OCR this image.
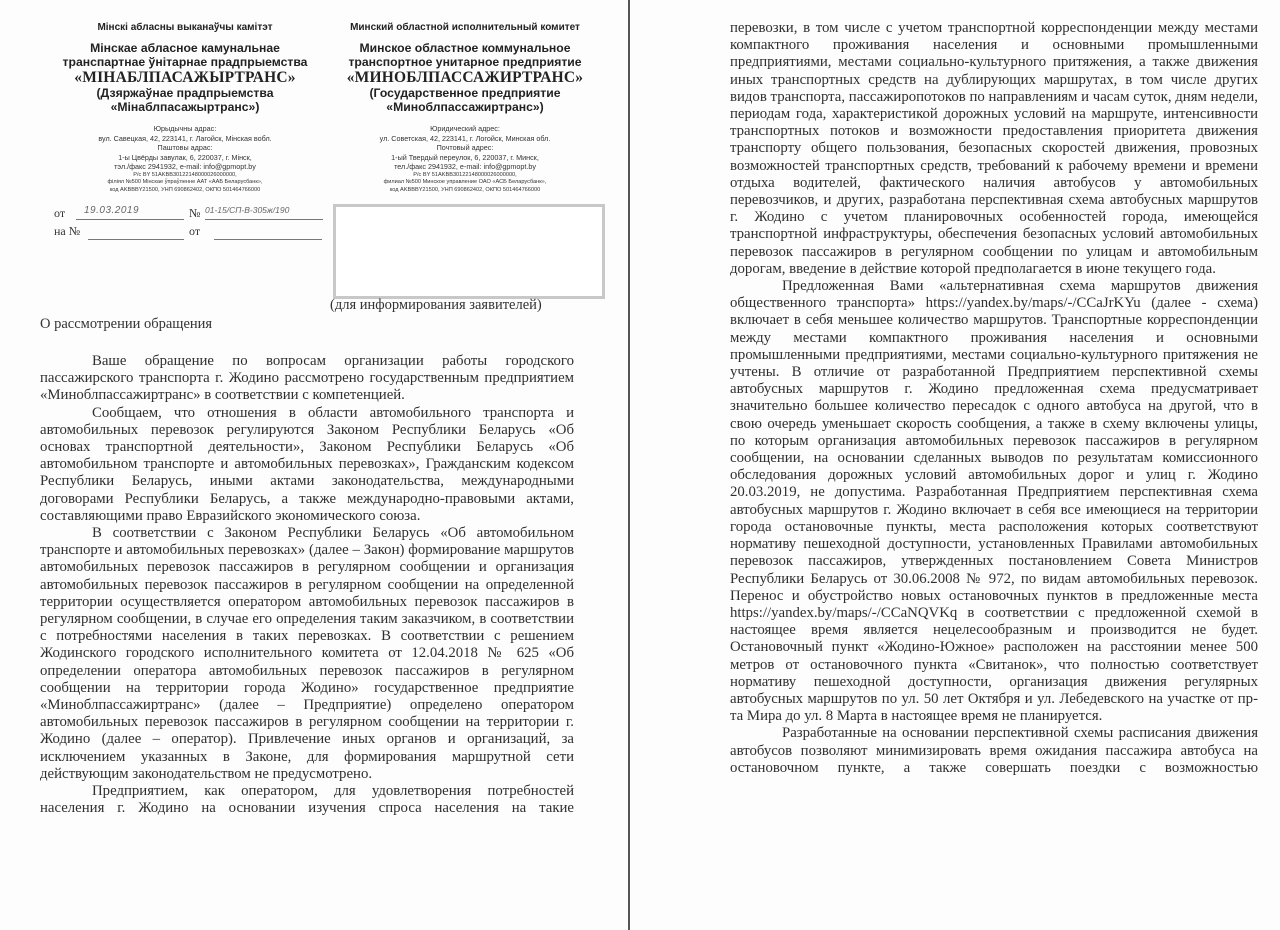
Мінскі абласны выканаўчы камітэт
Мінскае абласное камунальнае
транспартнае ўнітарнае прадпрыемства
«МІНАБЛПАСАЖЫРТРАНС»
(Дзяржаўнае прадпрыемства
«Мінаблпасажыртранс»)
Юрыдычны адрас:
вул. Савецкая, 42, 223141, г. Лагойск, Мінская вобл.
Паштовы адрас:
1-ы Цвёрды завулак, 6, 220037, г. Мінск,
тэл./факс 2941932, e-mail: info@gpmopt.by
Р/с BY 51AKBB30122148000026000000,
філіял №500 Мінскае ўпраўленне ААТ «ААБ Беларусбанк»,
код AKBBBY21500, УНП 690862402, ОКПО 501464766000
Минский областной исполнительный комитет
Минское областное коммунальное
транспортное унитарное предприятие
«МИНОБЛПАССАЖИРТРАНС»
(Государственное предприятие
«Миноблпассажиртранс»)
Юридический адрес:
ул. Советская, 42, 223141, г. Логойск, Минская обл.
Почтовый адрес:
1-ый Твердый переулок, 6, 220037, г. Минск,
тел./факс 2941932, e-mail: info@gpmopt.by
Р/с BY 51AKBB30122148000026000000,
филиал №500 Минское управление ОАО «АСБ Беларусбанк»,
код AKBBBY21500, УНП 690862402, ОКПО 501464766000
от 19.03.2019	№ 01-15/СП-В-305ж/190
на №	от
(для информирования заявителей)
О рассмотрении обращения

Ваше обращение по вопросам организации работы городского пассажирского транспорта г. Жодино рассмотрено государственным предприятием «Миноблпассажиртранс» в соответствии с компетенцией.

Сообщаем, что отношения в области автомобильного транспорта и автомобильных перевозок регулируются Законом Республики Беларусь «Об основах транспортной деятельности», Законом Республики Беларусь «Об автомобильном транспорте и автомобильных перевозках», Гражданским кодексом Республики Беларусь, иными актами законодательства, международными договорами Республики Беларусь, а также международно-правовыми актами, составляющими право Евразийского экономического союза.

В соответствии с Законом Республики Беларусь «Об автомобильном транспорте и автомобильных перевозках» (далее – Закон) формирование маршрутов автомобильных перевозок пассажиров в регулярном сообщении и организация автомобильных перевозок пассажиров в регулярном сообщении на определенной территории осуществляется оператором автомобильных перевозок пассажиров в регулярном сообщении, в случае его определения таким заказчиком, в соответствии с потребностями населения в таких перевозках. В соответствии с решением Жодинского городского исполнительного комитета от 12.04.2018 № 625 «Об определении оператора автомобильных перевозок пассажиров в регулярном сообщении на территории города Жодино» государственное предприятие «Миноблпассажиртранс» (далее – Предприятие) определено оператором автомобильных перевозок пассажиров в регулярном сообщении на территории г. Жодино (далее – оператор). Привлечение иных органов и организаций, за исключением указанных в Законе, для формирования маршрутной сети действующим законодательством не предусмотрено.

Предприятием, как оператором, для удовлетворения потребностей населения г. Жодино на основании изучения спроса населения на такие

перевозки, в том числе с учетом транспортной корреспонденции между местами компактного проживания населения и основными промышленными предприятиями, местами социально-культурного притяжения, а также движения иных транспортных средств на дублирующих маршрутах, в том числе других видов транспорта, пассажиропотоков по направлениям и часам суток, дням недели, периодам года, характеристикой дорожных условий на маршруте, интенсивности транспортных потоков и возможности предоставления приоритета движения транспорту общего пользования, безопасных скоростей движения, провозных возможностей транспортных средств, требований к рабочему времени и времени отдыха водителей, фактического наличия автобусов у автомобильных перевозчиков, и других, разработана перспективная схема автобусных маршрутов г. Жодино с учетом планировочных особенностей города, имеющейся транспортной инфраструктуры, обеспечения безопасных условий автомобильных перевозок пассажиров в регулярном сообщении по улицам и автомобильным дорогам, введение в действие которой предполагается в июне текущего года.

Предложенная Вами «альтернативная схема маршрутов движения общественного транспорта» https://yandex.by/maps/-/CCaJrKYu (далее - схема) включает в себя меньшее количество маршрутов. Транспортные корреспонденции между местами компактного проживания населения и основными промышленными предприятиями, местами социально-культурного притяжения не учтены. В отличие от разработанной Предприятием перспективной схемы автобусных маршрутов г. Жодино предложенная схема предусматривает значительно большее количество пересадок с одного автобуса на другой, что в свою очередь уменьшает скорость сообщения, а также в схему включены улицы, по которым организация автомобильных перевозок пассажиров в регулярном сообщении, на основании сделанных выводов по результатам комиссионного обследования дорожных условий автомобильных дорог и улиц г. Жодино 20.03.2019, не допустима. Разработанная Предприятием перспективная схема автобусных маршрутов г. Жодино включает в себя все имеющиеся на территории города остановочные пункты, места расположения которых соответствуют нормативу пешеходной доступности, установленных Правилами автомобильных перевозок пассажиров, утвержденных постановлением Совета Министров Республики Беларусь от 30.06.2008 № 972, по видам автомобильных перевозок. Перенос и обустройство новых остановочных пунктов в предложенные места https://yandex.by/maps/-/CCaNQVKq в соответствии с предложенной схемой в настоящее время является нецелесообразным и производится не будет. Остановочный пункт «Жодино-Южное» расположен на расстоянии менее 500 метров от остановочного пункта «Свитанок», что полностью соответствует нормативу пешеходной доступности, организация движения регулярных автобусных маршрутов по ул. 50 лет Октября и ул. Лебедевского на участке от пр-та Мира до ул. 8 Марта в настоящее время не планируется.

Разработанные на основании перспективной схемы расписания движения автобусов позволяют минимизировать время ожидания пассажира автобуса на остановочном пункте, а также совершать поездки с возможностью
